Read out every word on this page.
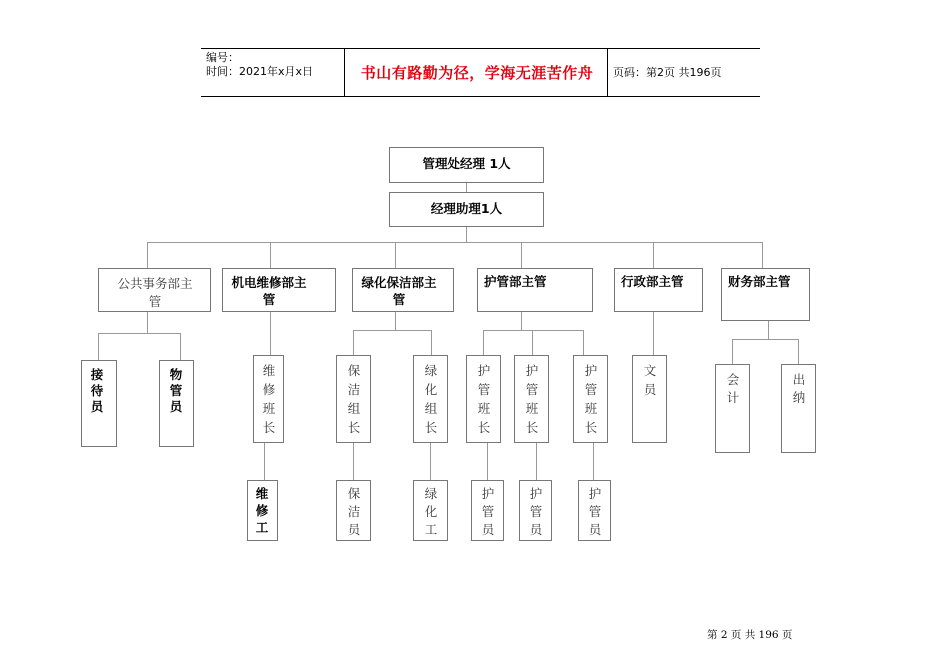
编号：
时间：2021年x月x日	书山有路勤为径，学海无涯苦作舟	页码：第2页 共196页
管理处经理 1人
经理助理1人
公共事务部主管
机电维修部主管
绿化保洁部主管
护管部主管	行政部主管	财务部主管
接待员
物管员
维修班长
保洁组长
绿化组长
护管班长
护管班长
护管班长
文员
会计
出纳
维修工
保洁员
绿化工
护管员
护管员
护管员
第 2 页 共 196 页
